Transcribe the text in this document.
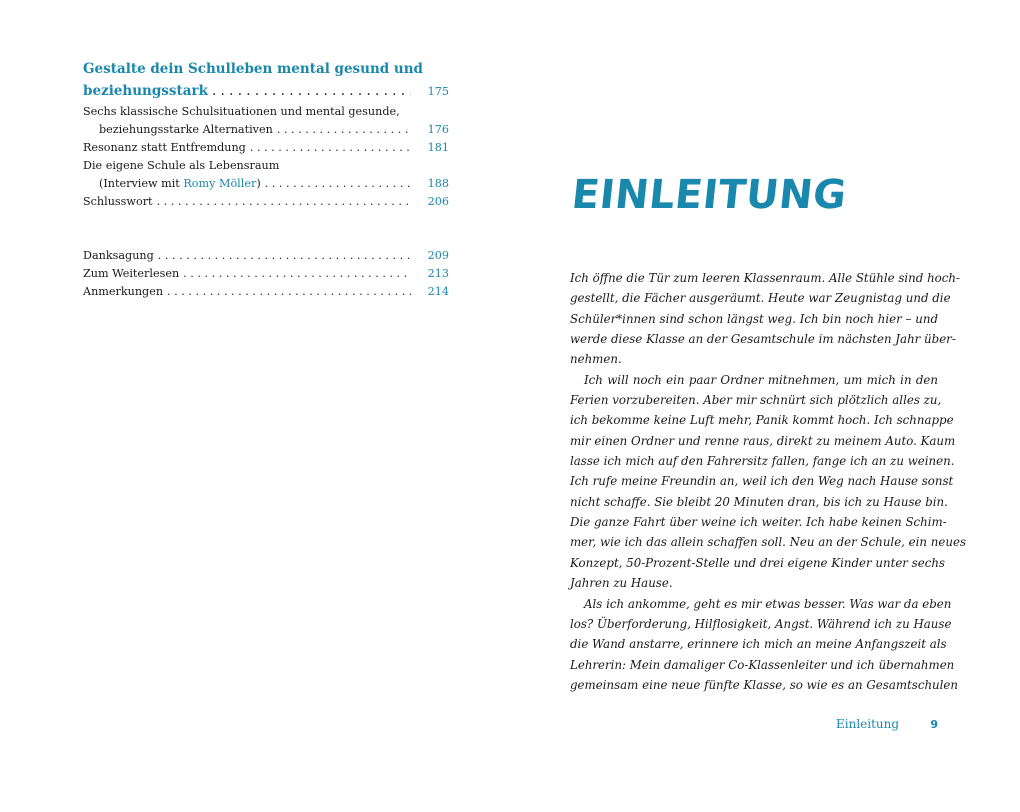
Gestalte dein Schulleben mental gesund und
beziehungsstark . . .	175
Sechs klassische Schulsituationen und mental gesunde,
beziehungsstarke Alternativen . . .	176
Resonanz statt Entfremdung . . .	181
Die eigene Schule als Lebensraum
(Interview mit Romy Möller) . . .	188
Schlusswort . . .	206
Danksagung . . .	209
Zum Weiterlesen . . .	213
Anmerkungen . . .	214
EINLEITUNG
Ich öffne die Tür zum leeren Klassenraum. Alle Stühle sind hoch-
gestellt, die Fächer ausgeräumt. Heute war Zeugnistag und die
Schüler*innen sind schon längst weg. Ich bin noch hier – und
werde diese Klasse an der Gesamtschule im nächsten Jahr über-
nehmen.
Ich will noch ein paar Ordner mitnehmen, um mich in den
Ferien vorzubereiten. Aber mir schnürt sich plötzlich alles zu,
ich bekomme keine Luft mehr, Panik kommt hoch. Ich schnappe
mir einen Ordner und renne raus, direkt zu meinem Auto. Kaum
lasse ich mich auf den Fahrersitz fallen, fange ich an zu weinen.
Ich rufe meine Freundin an, weil ich den Weg nach Hause sonst
nicht schaffe. Sie bleibt 20 Minuten dran, bis ich zu Hause bin.
Die ganze Fahrt über weine ich weiter. Ich habe keinen Schim-
mer, wie ich das allein schaffen soll. Neu an der Schule, ein neues
Konzept, 50-Prozent-Stelle und drei eigene Kinder unter sechs
Jahren zu Hause.
Als ich ankomme, geht es mir etwas besser. Was war da eben
los? Überforderung, Hilflosigkeit, Angst. Während ich zu Hause
die Wand anstarre, erinnere ich mich an meine Anfangszeit als
Lehrerin: Mein damaliger Co-Klassenleiter und ich übernahmen
gemeinsam eine neue fünfte Klasse, so wie es an Gesamtschulen
Einleitung	9
